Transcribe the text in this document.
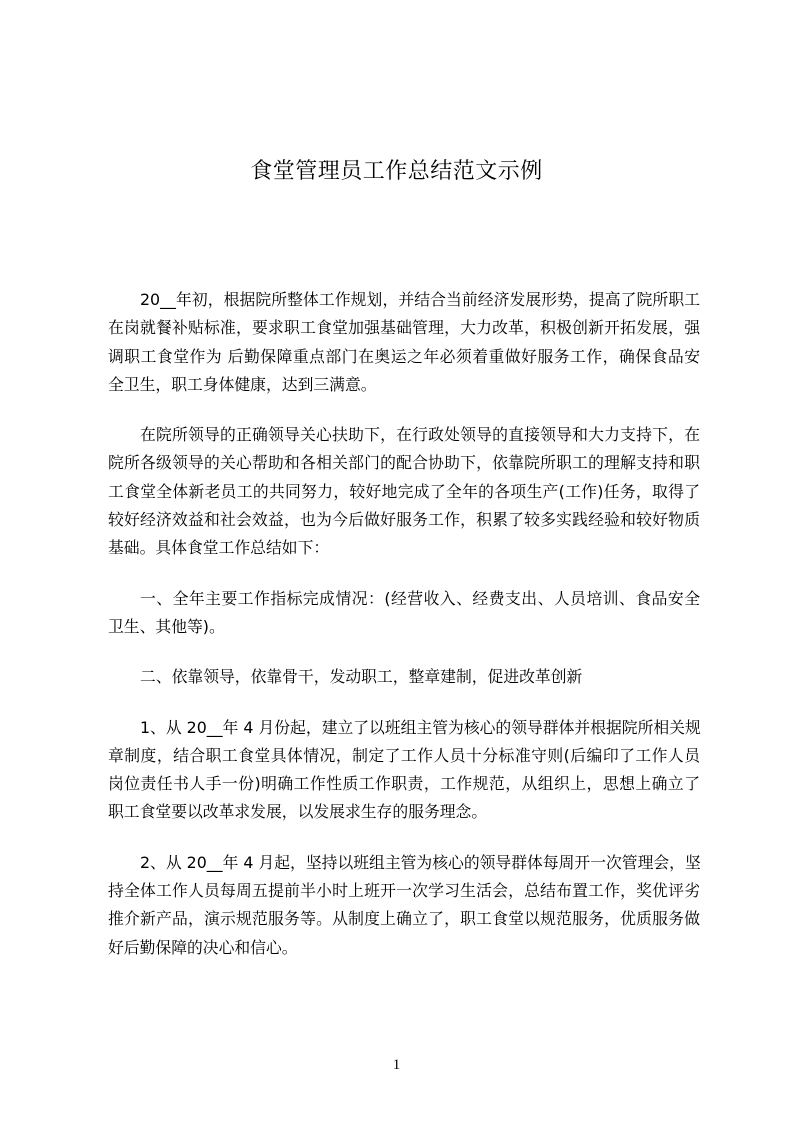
食堂管理员工作总结范文示例
20__年初，根据院所整体工作规划，并结合当前经济发展形势，提高了院所职工
在岗就餐补贴标准，要求职工食堂加强基础管理，大力改革，积极创新开拓发展，强
调职工食堂作为 后勤保障重点部门在奥运之年必须着重做好服务工作，确保食品安
全卫生，职工身体健康，达到三满意。
在院所领导的正确领导关心扶助下，在行政处领导的直接领导和大力支持下，在
院所各级领导的关心帮助和各相关部门的配合协助下，依靠院所职工的理解支持和职
工食堂全体新老员工的共同努力，较好地完成了全年的各项生产(工作)任务，取得了
较好经济效益和社会效益，也为今后做好服务工作，积累了较多实践经验和较好物质
基础。具体食堂工作总结如下：
一、全年主要工作指标完成情况：(经营收入、经费支出、人员培训、食品安全
卫生、其他等)。
二、依靠领导，依靠骨干，发动职工，整章建制，促进改革创新
1、从 20__年 4 月份起，建立了以班组主管为核心的领导群体并根据院所相关规
章制度，结合职工食堂具体情况，制定了工作人员十分标准守则(后编印了工作人员
岗位责任书人手一份)明确工作性质工作职责，工作规范，从组织上，思想上确立了
职工食堂要以改革求发展，以发展求生存的服务理念。
2、从 20__年 4 月起，坚持以班组主管为核心的领导群体每周开一次管理会，坚
持全体工作人员每周五提前半小时上班开一次学习生活会，总结布置工作，奖优评劣
推介新产品，演示规范服务等。从制度上确立了，职工食堂以规范服务，优质服务做
好后勤保障的决心和信心。
1
